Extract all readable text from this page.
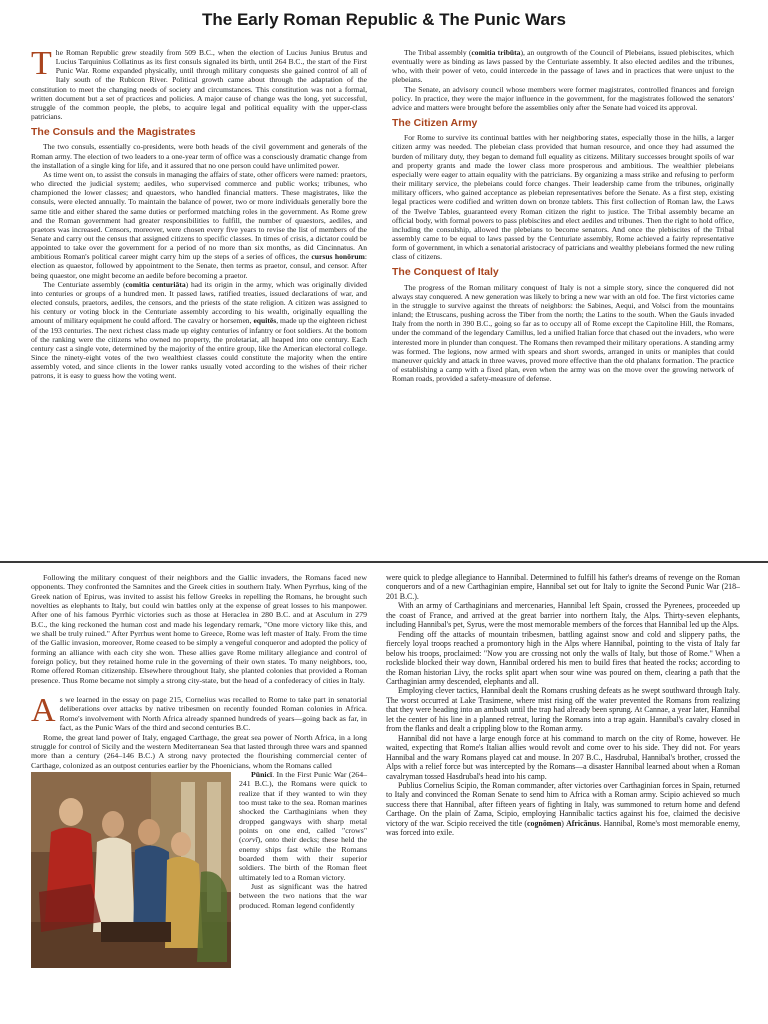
The Early Roman Republic & The Punic Wars

The Roman Republic grew steadily from 509 B.C., when the election of Lucius Junius Brutus and Lucius Tarquinius Collatinus as its first consuls signaled its birth, until 264 B.C., the start of the First Punic War. Rome expanded physically, until through military conquests she gained control of all of Italy south of the Rubicon River. Political growth came about through the adaptation of the constitution to meet the changing needs of society and circumstances. This constitution was not a formal, written document but a set of practices and policies. A major cause of change was the long, yet successful, struggle of the common people, the plebs, to acquire legal and political equality with the upper-class patricians.

The Consuls and the Magistrates

The two consuls, essentially co-presidents, were both heads of the civil government and generals of the Roman army. The election of two leaders to a one-year term of office was a consciously dramatic change from the installation of a single king for life, and it assured that no one person could have unlimited power.

As time went on, to assist the consuls in managing the affairs of state, other officers were named: praetors, who directed the judicial system; aediles, who supervised commerce and public works; tribunes, who championed the lower classes; and quaestors, who handled financial matters. These magistrates, like the consuls, were elected annually. To maintain the balance of power, two or more individuals generally bore the same title and either shared the same duties or performed matching roles in the government. As Rome grew and the Roman government had greater responsibilities to fulfill, the number of quaestors, aediles, and praetors was increased. Censors, moreover, were chosen every five years to revise the list of members of the Senate and carry out the census that assigned citizens to specific classes. In times of crisis, a dictator could be appointed to take over the government for a period of no more than six months, as did Cincinnatus. An ambitious Roman's political career might carry him up the steps of a series of offices, the cursus honōrum: election as quaestor, followed by appointment to the Senate, then terms as praetor, consul, and censor. After being quaestor, one might become an aedile before becoming a praetor.

The Centuriate assembly (comitia centuriāta) had its origin in the army, which was originally divided into centuries or groups of a hundred men. It passed laws, ratified treaties, issued declarations of war, and elected consuls, praetors, aediles, the censors, and the priests of the state religion. A citizen was assigned to his century or voting block in the Centuriate assembly according to his wealth, originally equalling the amount of military equipment he could afford. The cavalry or horsemen, equitēs, made up the eighteen richest of the 193 centuries. The next richest class made up eighty centuries of infantry or foot soldiers. At the bottom of the ranking were the citizens who owned no property, the proletariat, all heaped into one century. Each century cast a single vote, determined by the majority of the entire group, like the American electoral college. Since the ninety-eight votes of the two wealthiest classes could constitute the majority when the entire assembly voted, and since clients in the lower ranks usually voted according to the wishes of their richer patrons, it is easy to guess how the voting went.

The Tribal assembly (comitia tribūta), an outgrowth of the Council of Plebeians, issued plebiscites, which eventually were as binding as laws passed by the Centuriate assembly. It also elected aediles and the tribunes, who, with their power of veto, could intercede in the passage of laws and in practices that were unjust to the plebeians.

The Senate, an advisory council whose members were former magistrates, controlled finances and foreign policy. In practice, they were the major influence in the government, for the magistrates followed the senators' advice and matters were brought before the assemblies only after the Senate had voiced its approval.

The Citizen Army

For Rome to survive its continual battles with her neighboring states, especially those in the hills, a larger citizen army was needed. The plebeian class provided that human resource, and once they had assumed the burden of military duty, they began to demand full equality as citizens. Military successes brought spoils of war and property grants and made the lower class more prosperous and ambitious. The wealthier plebeians especially were eager to attain equality with the patricians. By organizing a mass strike and refusing to perform their military service, the plebeians could force changes. Their leadership came from the tribunes, originally military officers, who gained acceptance as plebeian representatives before the Senate. As a first step, existing legal practices were codified and written down on bronze tablets. This first collection of Roman law, the Laws of the Twelve Tables, guaranteed every Roman citizen the right to justice. The Tribal assembly became an official body, with formal powers to pass plebiscites and elect aediles and tribunes. Then the right to hold office, including the consulship, allowed the plebeians to become senators. And once the plebiscites of the Tribal assembly came to be equal to laws passed by the Centuriate assembly, Rome achieved a fairly representative form of government, in which a senatorial aristocracy of patricians and wealthy plebeians formed the new ruling class of citizens.

The Conquest of Italy

The progress of the Roman military conquest of Italy is not a simple story, since the conquered did not always stay conquered. A new generation was likely to bring a new war with an old foe. The first victories came in the struggle to survive against the threats of neighbors: the Sabines, Aequi, and Volsci from the mountains inland; the Etruscans, pushing across the Tiber from the north; the Latins to the south. When the Gauls invaded Italy from the north in 390 B.C., going so far as to occupy all of Rome except the Capitoline Hill, the Romans, under the command of the legendary Camillus, led a unified Italian force that chased out the invaders, who were interested more in plunder than conquest. The Romans then revamped their military operations. A standing army was formed. The legions, now armed with spears and short swords, arranged in units or maniples that could maneuver quickly and attack in three waves, proved more effective than the old phalanx formation. The practice of establishing a camp with a fixed plan, even when the army was on the move over the growing network of Roman roads, provided a safety-measure of defense.

Following the military conquest of their neighbors and the Gallic invaders, the Romans faced new opponents. They confronted the Samnites and the Greek cities in southern Italy. When Pyrrhus, king of the Greek nation of Epirus, was invited to assist his fellow Greeks in repelling the Romans, he brought such novelties as elephants to Italy, but could win battles only at the expense of great losses to his manpower. After one of his famous Pyrrhic victories such as those at Heraclea in 280 B.C. and at Asculum in 279 B.C., the king reckoned the human cost and made his legendary remark, "One more victory like this, and we shall be truly ruined." After Pyrrhus went home to Greece, Rome was left master of Italy. From the time of the Gallic invasion, moreover, Rome ceased to be simply a vengeful conqueror and adopted the policy of forming an alliance with each city she won. These allies gave Rome military allegiance and control of foreign policy, but they retained home rule in the governing of their own states. To many neighbors, too, Rome offered Roman citizenship. Elsewhere throughout Italy, she planted colonies that provided a Roman presence. Thus Rome became not simply a strong city-state, but the head of a confederacy of cities in Italy.

As we learned in the essay on page 215, Cornelius was recalled to Rome to take part in senatorial deliberations over attacks by native tribesmen on recently founded Roman colonies in Africa. Rome's involvement with North Africa already spanned hundreds of years—going back as far, in fact, as the Punic Wars of the third and second centuries B.C.

Rome, the great land power of Italy, engaged Carthage, the great sea power of North Africa, in a long struggle for control of Sicily and the western Mediterranean Sea that lasted through three wars and spanned more than a century (264–146 B.C.) A strong navy protected the flourishing commercial center of Carthage, colonized as an outpost centuries earlier by the Phoenicians, whom the Romans called

Pūnicī. In the First Punic War (264–241 B.C.), the Romans were quick to realize that if they wanted to win they too must take to the sea. Roman marines shocked the Carthaginians when they dropped gangways with sharp metal points on one end, called "crows" (corvī), onto their decks; these held the enemy ships fast while the Romans boarded them with their superior soldiers. The birth of the Roman fleet ultimately led to a Roman victory.

Just as significant was the hatred between the two nations that the war produced. Roman legend confidently

were quick to pledge allegiance to Hannibal. Determined to fulfill his father's dreams of revenge on the Roman conquerors and of a new Carthaginian empire, Hannibal set out for Italy to ignite the Second Punic War (218–201 B.C.).

With an army of Carthaginians and mercenaries, Hannibal left Spain, crossed the Pyrenees, proceeded up the coast of France, and arrived at the great barrier into northern Italy, the Alps. Thirty-seven elephants, including Hannibal's pet, Syrus, were the most memorable members of the forces that Hannibal led up the Alps.

Fending off the attacks of mountain tribesmen, battling against snow and cold and slippery paths, the fiercely loyal troops reached a promontory high in the Alps where Hannibal, pointing to the vista of Italy far below his troops, proclaimed: "Now you are crossing not only the walls of Italy, but those of Rome." When a rockslide blocked their way down, Hannibal ordered his men to build fires that heated the rocks; according to the Roman historian Livy, the rocks split apart when sour wine was poured on them, clearing a path that the Carthaginian army descended, elephants and all.

Employing clever tactics, Hannibal dealt the Romans crushing defeats as he swept southward through Italy. The worst occurred at Lake Trasimene, where mist rising off the water prevented the Romans from realizing that they were heading into an ambush until the trap had already been sprung. At Cannae, a year later, Hannibal let the center of his line in a planned retreat, luring the Romans into a trap again. Hannibal's cavalry closed in from the flanks and dealt a crippling blow to the Roman army.

Hannibal did not have a large enough force at his command to march on the city of Rome, however. He waited, expecting that Rome's Italian allies would revolt and come over to his side. They did not. For years Hannibal and the wary Romans played cat and mouse. In 207 B.C., Hasdrubal, Hannibal's brother, crossed the Alps with a relief force but was intercepted by the Romans—a disaster Hannibal learned about when a Roman cavalryman tossed Hasdrubal's head into his camp.

Publius Cornelius Scipio, the Roman commander, after victories over Carthaginian forces in Spain, returned to Italy and convinced the Roman Senate to send him to Africa with a Roman army. Scipio achieved so much success there that Hannibal, after fifteen years of fighting in Italy, was summoned to return home and defend Carthage. On the plain of Zama, Scipio, employing Hannibalic tactics against his foe, claimed the decisive victory of the war. Scipio received the title (cognōmen) Africānus. Hannibal, Rome's most memorable enemy, was forced into exile.
